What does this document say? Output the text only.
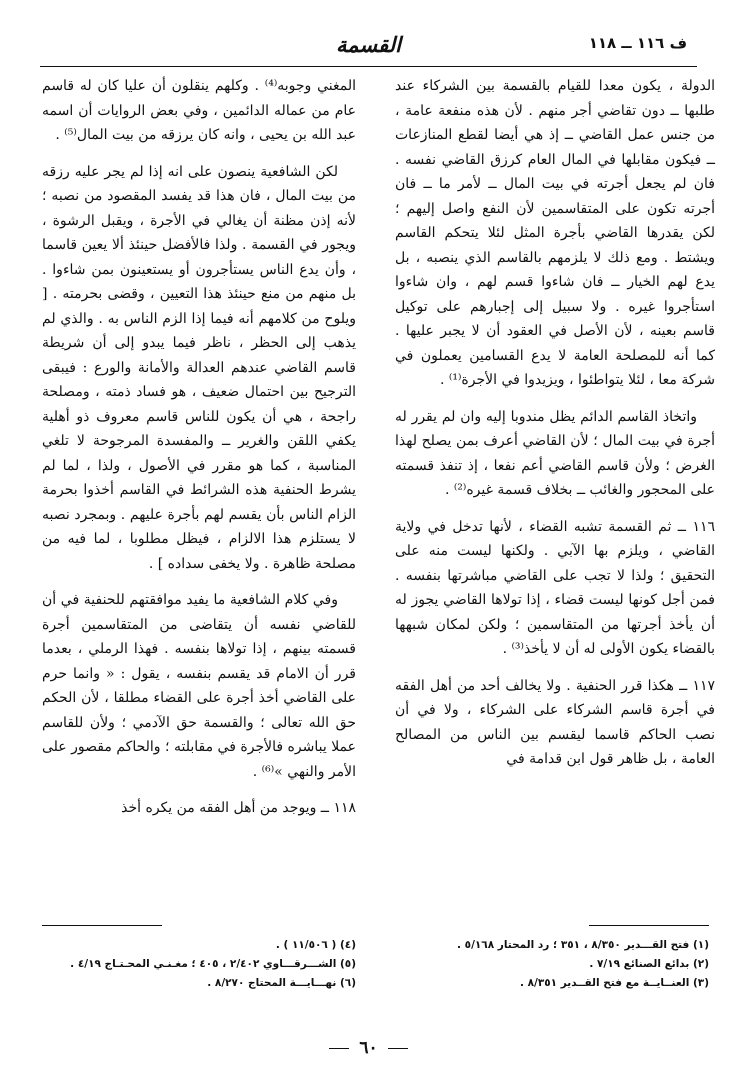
ف ١١٦ ــ ١١٨
القسمة

الدولة ، يكون معدا للقيام بالقسمة بين الشركاء عند طلبها ــ دون تقاضي أجر منهم . لأن هذه منفعة عامة ، من جنس عمل القاضي ــ إذ هي أيضا لقطع المنازعات ــ فيكون مقابلها في المال العام كرزق القاضي نفسه . فان لم يجعل أجرته في بيت المال ــ لأمر ما ــ فان أجرته تكون على المتقاسمين لأن النفع واصل إليهم ؛ لكن يقدرها القاضي بأجرة المثل لئلا يتحكم القاسم ويشتط . ومع ذلك لا يلزمهم بالقاسم الذي ينصبه ، بل يدع لهم الخيار ــ فان شاءوا قسم لهم ، وان شاءوا استأجروا غيره . ولا سبيل إلى إجبارهم على توكيل قاسم بعينه ، لأن الأصل في العقود أن لا يجبر عليها . كما أنه للمصلحة العامة لا يدع القسامين يعملون في شركة معا ، لئلا يتواطئوا ، ويزيدوا في الأجرة⁽¹⁾ .

واتخاذ القاسم الدائم يظل مندوبا إليه وان لم يقرر له أجرة في بيت المال ؛ لأن القاضي أعرف بمن يصلح لهذا الغرض ؛ ولأن قاسم القاضي أعم نفعا ، إذ تنفذ قسمته على المحجور والغائب ــ بخلاف قسمة غيره⁽²⁾ .

١١٦ ــ ثم القسمة تشبه القضاء ، لأنها تدخل في ولاية القاضي ، ويلزم بها الآبي . ولكنها ليست منه على التحقيق ؛ ولذا لا تجب على القاضي مباشرتها بنفسه . فمن أجل كونها ليست قضاء ، إذا تولاها القاضي يجوز له أن يأخذ أجرتها من المتقاسمين ؛ ولكن لمكان شبهها بالقضاء يكون الأولى له أن لا يأخذ⁽³⁾ .

١١٧ ــ هكذا قرر الحنفية . ولا يخالف أحد من أهل الفقه في أجرة قاسم الشركاء على الشركاء ، ولا في أن نصب الحاكم قاسما ليقسم بين الناس من المصالح العامة ، بل ظاهر قول ابن قدامة في

المغني وجوبه⁽⁴⁾ . وكلهم ينقلون أن عليا كان له قاسم عام من عماله الدائمين ، وفي بعض الروايات أن اسمه عبد الله بن يحيى ، وانه كان يرزقه من بيت المال⁽⁵⁾ .

لكن الشافعية ينصون على انه إذا لم يجر عليه رزقه من بيت المال ، فان هذا قد يفسد المقصود من نصبه ؛ لأنه إذن مظنة أن يغالي في الأجرة ، ويقبل الرشوة ، ويجور في القسمة . ولذا فالأفضل حينئذ ألا يعين قاسما ، وأن يدع الناس يستأجرون أو يستعينون بمن شاءوا . بل منهم من منع حينئذ هذا التعيين ، وقضى بحرمته . [ ويلوح من كلامهم أنه فيما إذا الزم الناس به . والذي لم يذهب إلى الحظر ، ناظر فيما يبدو إلى أن شريطة قاسم القاضي عندهم العدالة والأمانة والورع : فيبقى الترجيح بين احتمال ضعيف ، هو فساد ذمته ، ومصلحة راجحة ، هي أن يكون للناس قاسم معروف ذو أهلية يكفي اللقن والغرير ــ والمفسدة المرجوحة لا تلغي المناسبة ، كما هو مقرر في الأصول ، ولذا ، لما لم يشرط الحنفية هذه الشرائط في القاسم أخذوا بحرمة الزام الناس بأن يقسم لهم بأجرة عليهم . وبمجرد نصبه لا يستلزم هذا الالزام ، فيظل مطلوبا ، لما فيه من مصلحة ظاهرة . ولا يخفى سداده ] .

وفي كلام الشافعية ما يفيد موافقتهم للحنفية في أن للقاضي نفسه أن يتقاضى من المتقاسمين أجرة قسمته بينهم ، إذا تولاها بنفسه . فهذا الرملي ، بعدما قرر أن الامام قد يقسم بنفسه ، يقول : « وانما حرم على القاضي أخذ أجرة على القضاء مطلقا ، لأن الحكم حق الله تعالى ؛ والقسمة حق الآدمي ؛ ولأن للقاسم عملا يباشره فالأجرة في مقابلته ؛ والحاكم مقصور على الأمر والنهي »⁽⁶⁾ .

١١٨ ــ ويوجد من أهل الفقه من يكره أخذ

(١) فتح القـــدير ٨/٣٥٠ ، ٣٥١ ؛ رد المحتار ٥/١٦٨ .
(٢) بدائع الصنائع ٧/١٩ .
(٣) العنــايــة مع فتح القــدير ٨/٣٥١ .
(٤) ( ١١/٥٠٦ ) .
(٥) الشـــرقـــاوي ٢/٤٠٢ ، ٤٠٥ ؛ مغـنـي المحـتـاج ٤/١٩ .
(٦) نهـــايـــة المحتاج ٨/٢٧٠ .
٦٠
